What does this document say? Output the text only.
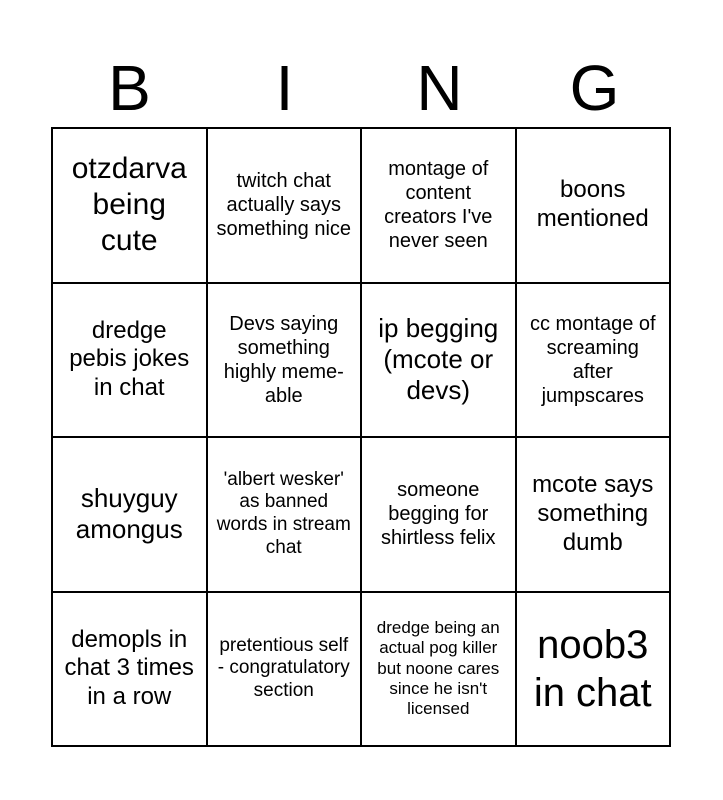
B	I	N	G
otzdarva being cute
twitch chat actually says something nice
montage of content creators I've never seen
boons mentioned
dredge pebis jokes in chat
Devs saying something highly meme-able
ip begging (mcote or devs)
cc montage of screaming after jumpscares
shuyguy amongus
'albert wesker' as banned words in stream chat
someone begging for shirtless felix
mcote says something dumb
demopls in chat 3 times in a row
pretentious self - congratulatory section
dredge being an actual pog killer but noone cares since he isn't licensed
noob3 in chat
